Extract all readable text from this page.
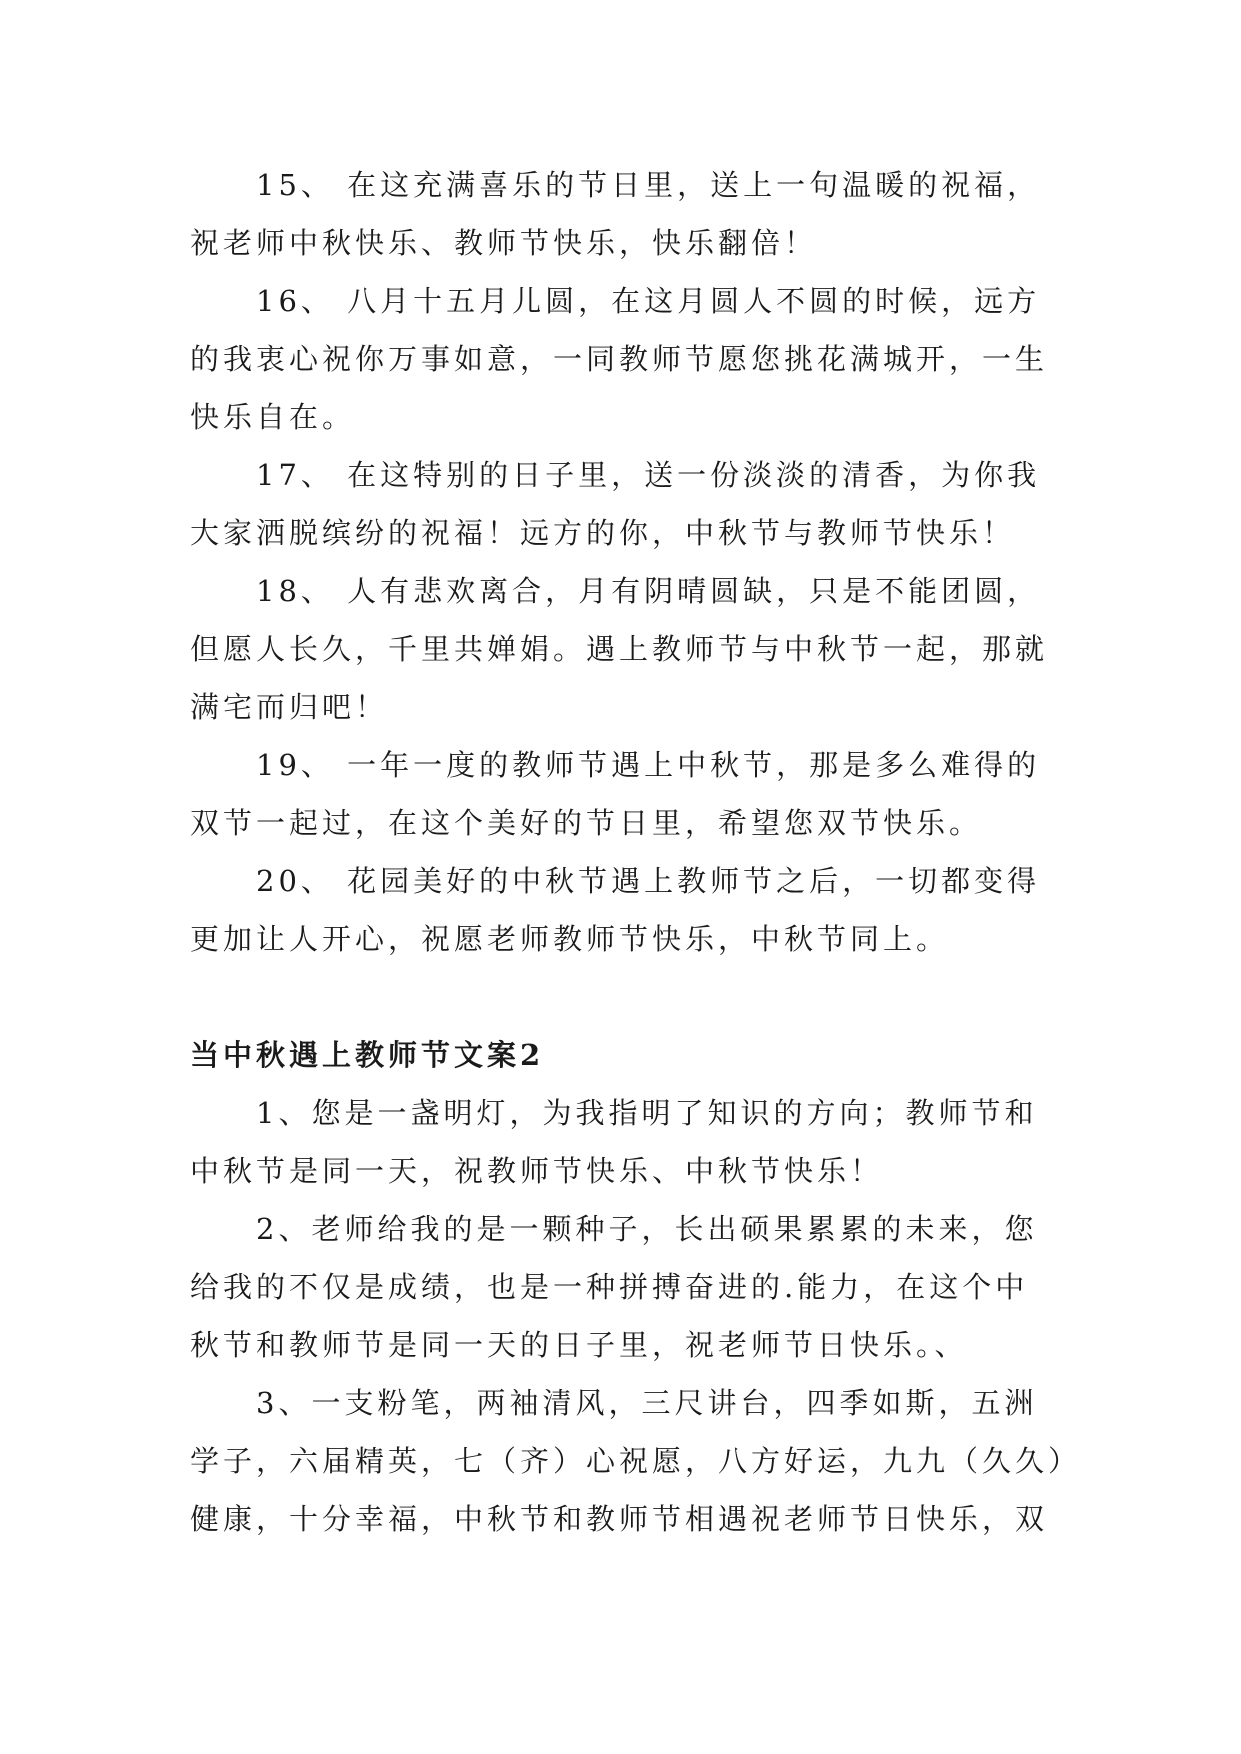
15、 在这充满喜乐的节日里，送上一句温暖的祝福，
祝老师中秋快乐、教师节快乐，快乐翻倍！

16、 八月十五月儿圆，在这月圆人不圆的时候，远方
的我衷心祝你万事如意，一同教师节愿您挑花满城开，一生
快乐自在。

17、 在这特别的日子里，送一份淡淡的清香，为你我
大家洒脱缤纷的祝福！远方的你，中秋节与教师节快乐！

18、 人有悲欢离合，月有阴晴圆缺，只是不能团圆，
但愿人长久，千里共婵娟。遇上教师节与中秋节一起，那就
满宅而归吧！

19、 一年一度的教师节遇上中秋节，那是多么难得的
双节一起过，在这个美好的节日里，希望您双节快乐。

20、 花园美好的中秋节遇上教师节之后，一切都变得
更加让人开心，祝愿老师教师节快乐，中秋节同上。

当中秋遇上教师节文案2

1、您是一盏明灯，为我指明了知识的方向；教师节和
中秋节是同一天，祝教师节快乐、中秋节快乐！

2、老师给我的是一颗种子，长出硕果累累的未来，您
给我的不仅是成绩，也是一种拼搏奋进的.能力，在这个中
秋节和教师节是同一天的日子里，祝老师节日快乐。、

3、一支粉笔，两袖清风，三尺讲台，四季如斯，五洲
学子，六届精英，七（齐）心祝愿，八方好运，九九（久久）
健康，十分幸福，中秋节和教师节相遇祝老师节日快乐，双
